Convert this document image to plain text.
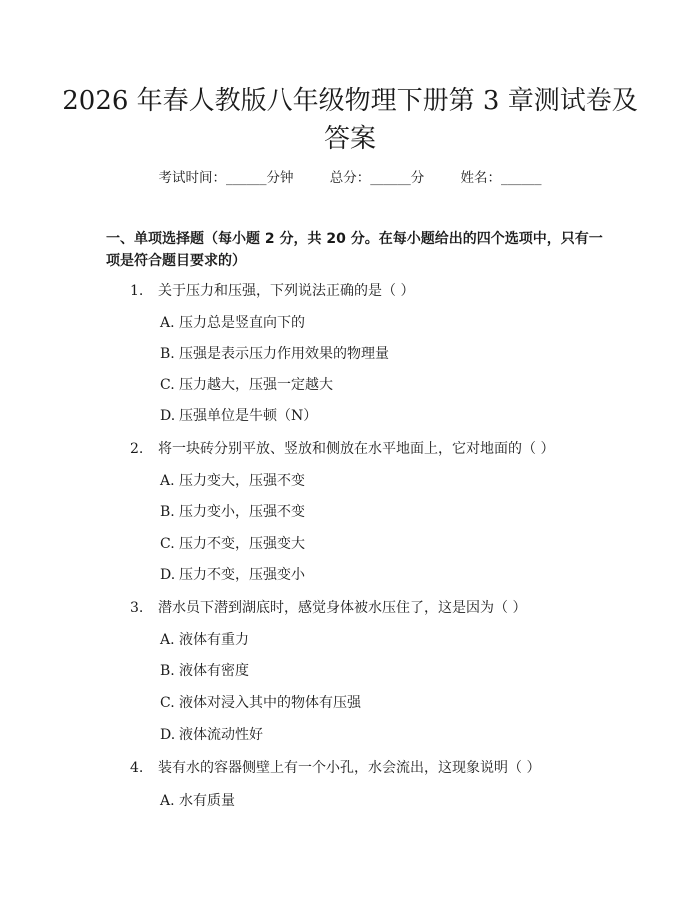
2026 年春人教版八年级物理下册第 3 章测试卷及答案
考试时间：______分钟	总分：______分	姓名：______
一、单项选择题（每小题 2 分，共 20 分。在每小题给出的四个选项中，只有一项是符合题目要求的）
1. 关于压力和压强，下列说法正确的是（ ）
A. 压力总是竖直向下的
B. 压强是表示压力作用效果的物理量
C. 压力越大，压强一定越大
D. 压强单位是牛顿（N）
2. 将一块砖分别平放、竖放和侧放在水平地面上，它对地面的（ ）
A. 压力变大，压强不变
B. 压力变小，压强不变
C. 压力不变，压强变大
D. 压力不变，压强变小
3. 潜水员下潜到湖底时，感觉身体被水压住了，这是因为（ ）
A. 液体有重力
B. 液体有密度
C. 液体对浸入其中的物体有压强
D. 液体流动性好
4. 装有水的容器侧壁上有一个小孔，水会流出，这现象说明（ ）
A. 水有质量
